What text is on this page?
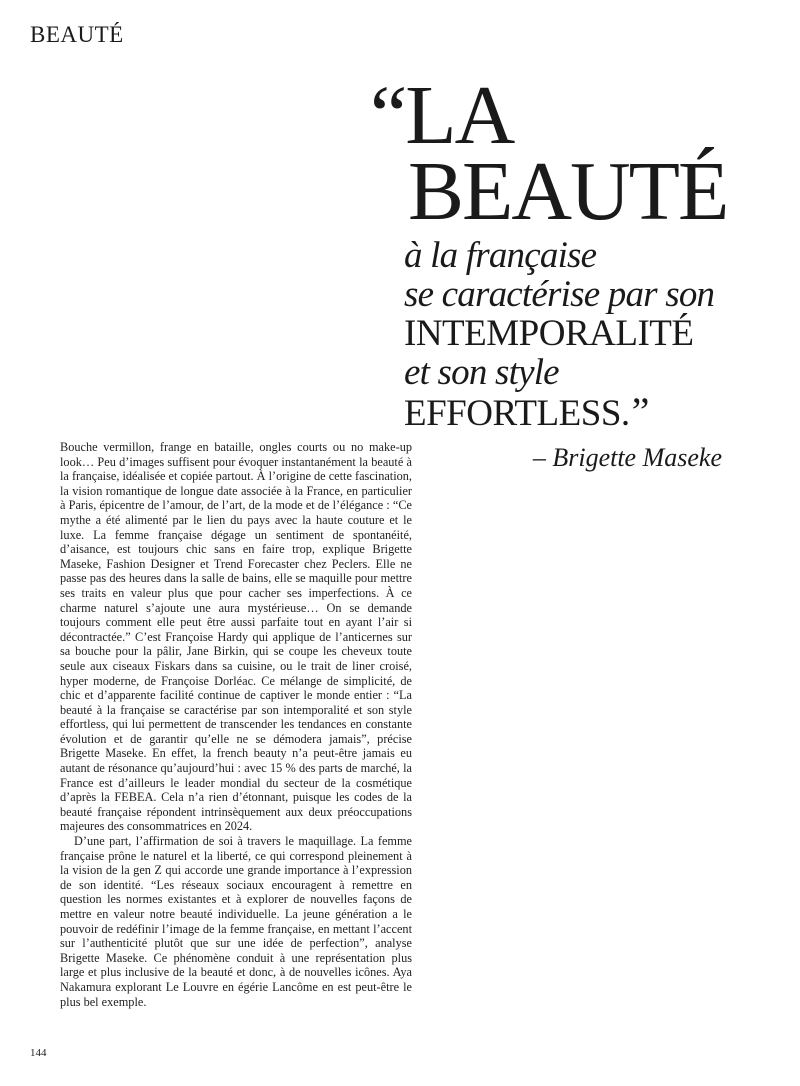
BEAUTÉ
“LA
BEAUTÉ
à la française
se caractérise par son
INTEMPORALITÉ
et son style
EFFORTLESS.”
– Brigette Maseke

Bouche vermillon, frange en bataille, ongles courts ou no make-up look… Peu d’images suffisent pour évoquer instantanément la beauté à la française, idéalisée et copiée partout. À l’origine de cette fascination, la vision romantique de longue date associée à la France, en particulier à Paris, épicentre de l’amour, de l’art, de la mode et de l’élégance : “Ce mythe a été alimenté par le lien du pays avec la haute couture et le luxe. La femme française dégage un sentiment de spontanéité, d’aisance, est toujours chic sans en faire trop, explique Brigette Maseke, Fashion Designer et Trend Forecaster chez Peclers. Elle ne passe pas des heures dans la salle de bains, elle se maquille pour mettre ses traits en valeur plus que pour cacher ses imperfections. À ce charme naturel s’ajoute une aura mystérieuse… On se demande toujours comment elle peut être aussi parfaite tout en ayant l’air si décontractée.” C’est Françoise Hardy qui applique de l’anticernes sur sa bouche pour la pâlir, Jane Birkin, qui se coupe les cheveux toute seule aux ciseaux Fiskars dans sa cuisine, ou le trait de liner croisé, hyper moderne, de Françoise Dorléac. Ce mélange de simplicité, de chic et d’apparente facilité continue de captiver le monde entier : “La beauté à la française se caractérise par son intemporalité et son style effortless, qui lui permettent de transcender les tendances en constante évolution et de garantir qu’elle ne se démodera jamais”, précise Brigette Maseke. En effet, la french beauty n’a peut-être jamais eu autant de résonance qu’aujourd’hui : avec 15 % des parts de marché, la France est d’ailleurs le leader mondial du secteur de la cosmétique d’après la FEBEA. Cela n’a rien d’étonnant, puisque les codes de la beauté française répondent intrinsèquement aux deux préoccupations majeures des consommatrices en 2024.

D’une part, l’affirmation de soi à travers le maquillage. La femme française prône le naturel et la liberté, ce qui correspond pleinement à la vision de la gen Z qui accorde une grande importance à l’expression de son identité. “Les réseaux sociaux encouragent à remettre en question les normes existantes et à explorer de nouvelles façons de mettre en valeur notre beauté individuelle. La jeune génération a le pouvoir de redéfinir l’image de la femme française, en mettant l’accent sur l’authenticité plutôt que sur une idée de perfection”, analyse Brigette Maseke. Ce phénomène conduit à une représentation plus large et plus inclusive de la beauté et donc, à de nouvelles icônes. Aya Nakamura explorant Le Louvre en égérie Lancôme en est peut-être le plus bel exemple.

144
